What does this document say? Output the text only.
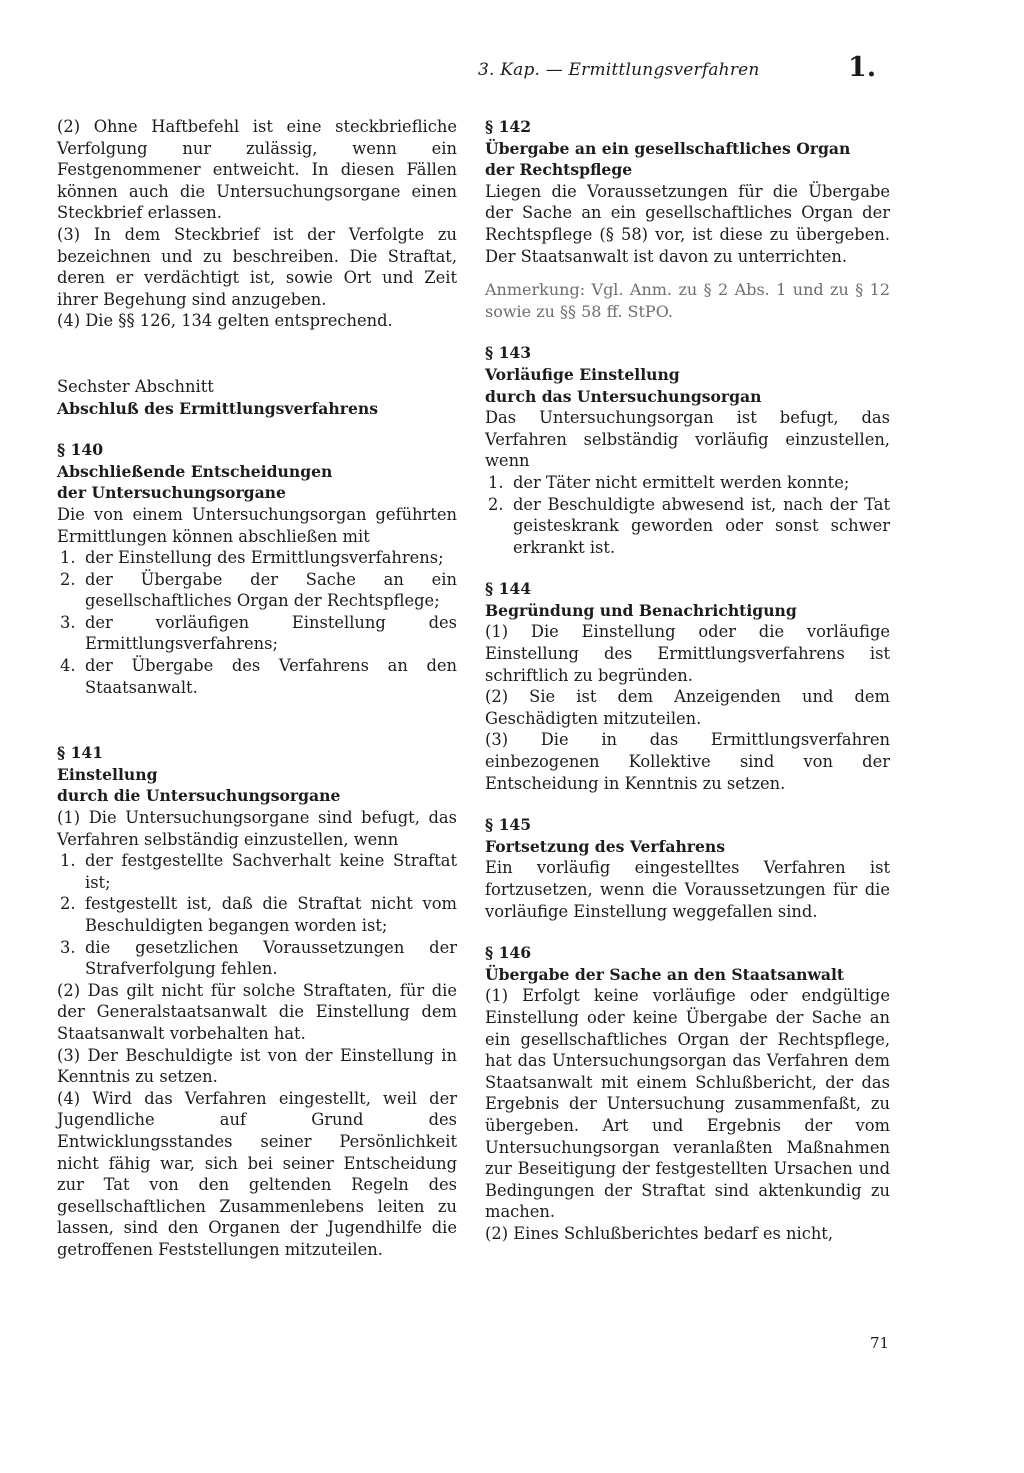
3. Kap. — Ermittlungsverfahren	1.

(2) Ohne Haftbefehl ist eine steckbriefliche Verfolgung nur zulässig, wenn ein Festgenommener entweicht. In diesen Fällen können auch die Untersuchungsorgane einen Steckbrief erlassen.

(3) In dem Steckbrief ist der Verfolgte zu bezeichnen und zu beschreiben. Die Straftat, deren er verdächtigt ist, sowie Ort und Zeit ihrer Begehung sind anzugeben.

(4) Die §§ 126, 134 gelten entsprechend.

Sechster Abschnitt

Abschluß des Ermittlungsverfahrens

§ 140

Abschließende Entscheidungen

der Untersuchungsorgane

Die von einem Untersuchungsorgan geführten Ermittlungen können abschließen mit

1. der Einstellung des Ermittlungsverfahrens;
2. der Übergabe der Sache an ein gesellschaftliches Organ der Rechtspflege;
3. der vorläufigen Einstellung des Ermittlungsverfahrens;
4. der Übergabe des Verfahrens an den Staatsanwalt.

§ 141

Einstellung

durch die Untersuchungsorgane

(1) Die Untersuchungsorgane sind befugt, das Verfahren selbständig einzustellen, wenn

1. der festgestellte Sachverhalt keine Straftat ist;
2. festgestellt ist, daß die Straftat nicht vom Beschuldigten begangen worden ist;
3. die gesetzlichen Voraussetzungen der Strafverfolgung fehlen.

(2) Das gilt nicht für solche Straftaten, für die der Generalstaatsanwalt die Einstellung dem Staatsanwalt vorbehalten hat.

(3) Der Beschuldigte ist von der Einstellung in Kenntnis zu setzen.

(4) Wird das Verfahren eingestellt, weil der Jugendliche auf Grund des Entwicklungsstandes seiner Persönlichkeit nicht fähig war, sich bei seiner Entscheidung zur Tat von den geltenden Regeln des gesellschaftlichen Zusammenlebens leiten zu lassen, sind den Organen der Jugendhilfe die getroffenen Feststellungen mitzuteilen.

§ 142

Übergabe an ein gesellschaftliches Organ

der Rechtspflege

Liegen die Voraussetzungen für die Übergabe der Sache an ein gesellschaftliches Organ der Rechtspflege (§ 58) vor, ist diese zu übergeben. Der Staatsanwalt ist davon zu unterrichten.

Anmerkung: Vgl. Anm. zu § 2 Abs. 1 und zu § 12 sowie zu §§ 58 ff. StPO.

§ 143

Vorläufige Einstellung

durch das Untersuchungsorgan

Das Untersuchungsorgan ist befugt, das Verfahren selbständig vorläufig einzustellen, wenn

1. der Täter nicht ermittelt werden konnte;
2. der Beschuldigte abwesend ist, nach der Tat geisteskrank geworden oder sonst schwer erkrankt ist.

§ 144

Begründung und Benachrichtigung

(1) Die Einstellung oder die vorläufige Einstellung des Ermittlungsverfahrens ist schriftlich zu begründen.

(2) Sie ist dem Anzeigenden und dem Geschädigten mitzuteilen.

(3) Die in das Ermittlungsverfahren einbezogenen Kollektive sind von der Entscheidung in Kenntnis zu setzen.

§ 145

Fortsetzung des Verfahrens

Ein vorläufig eingestelltes Verfahren ist fortzusetzen, wenn die Voraussetzungen für die vorläufige Einstellung weggefallen sind.

§ 146

Übergabe der Sache an den Staatsanwalt

(1) Erfolgt keine vorläufige oder endgültige Einstellung oder keine Übergabe der Sache an ein gesellschaftliches Organ der Rechtspflege, hat das Untersuchungsorgan das Verfahren dem Staatsanwalt mit einem Schlußbericht, der das Ergebnis der Untersuchung zusammenfaßt, zu übergeben. Art und Ergebnis der vom Untersuchungsorgan veranlaßten Maßnahmen zur Beseitigung der festgestellten Ursachen und Bedingungen der Straftat sind aktenkundig zu machen.

(2) Eines Schlußberichtes bedarf es nicht,

71
